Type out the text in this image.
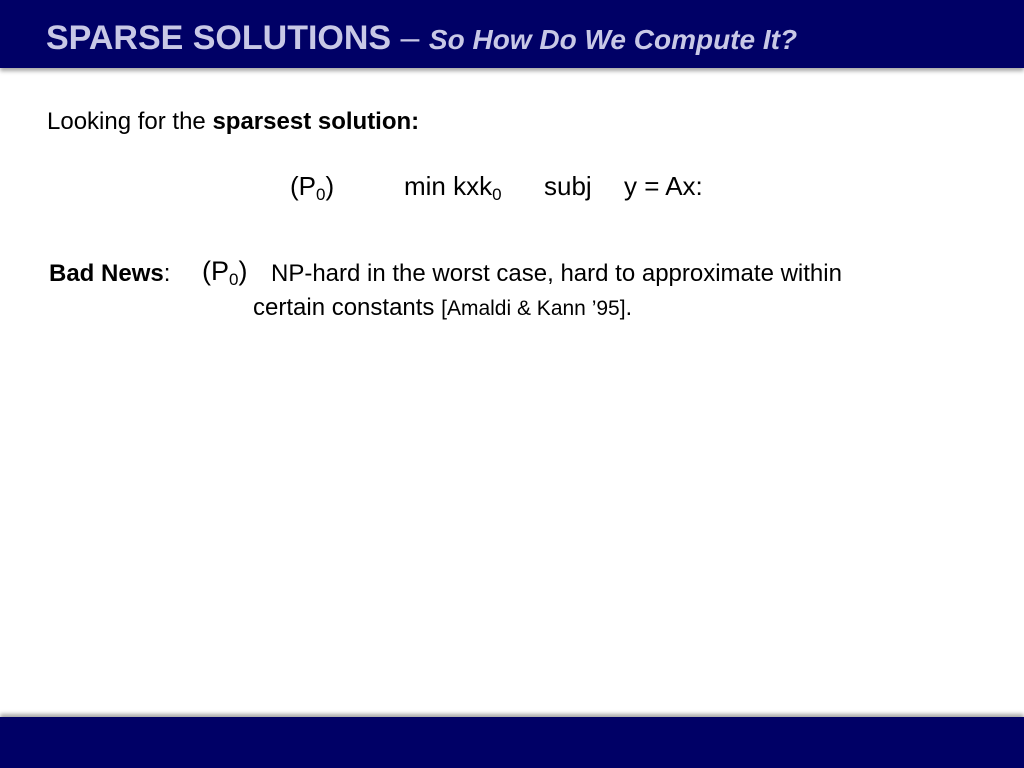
SPARSE SOLUTIONS – So How Do We Compute It?

Looking for the sparsest solution:

$(P_0)$	min kxk$_0$ subj y = Ax:

Bad News: $(P_0)$ NP-hard in the worst case, hard to approximate within

certain constants [Amaldi & Kann ’95].
